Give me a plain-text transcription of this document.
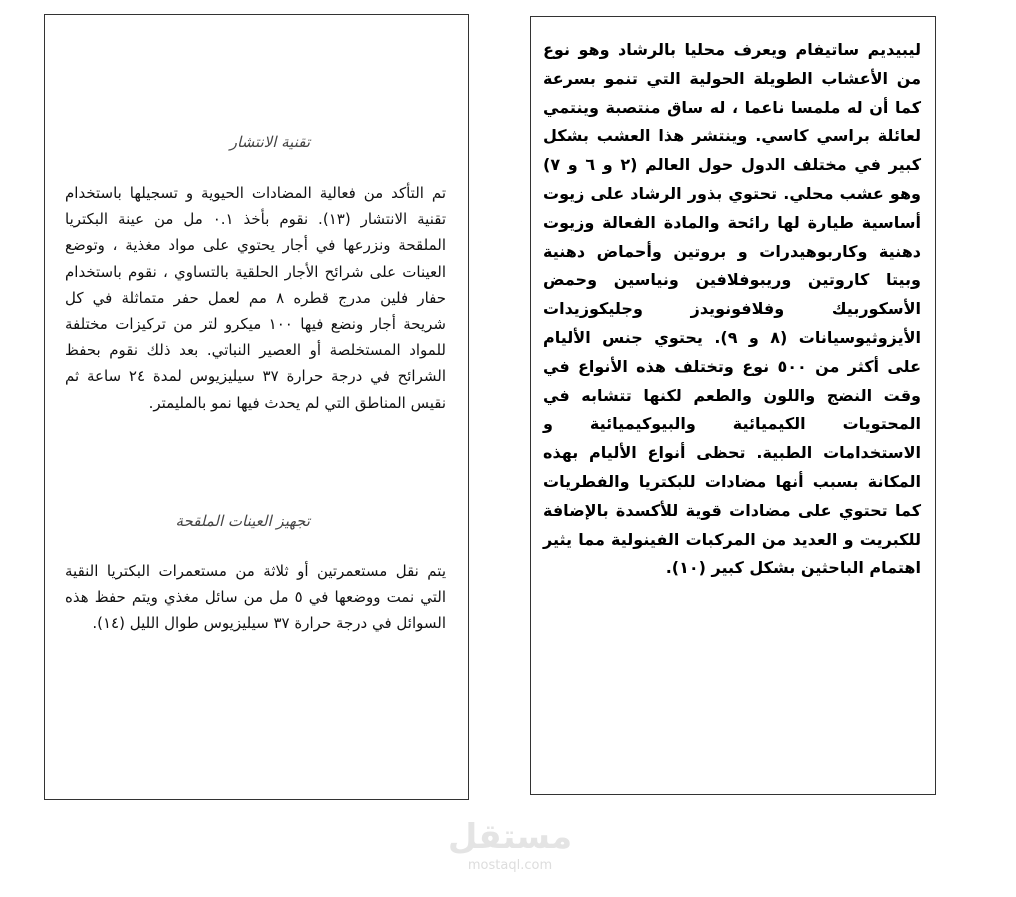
تقنية الانتشار

تم التأكد من فعالية المضادات الحيوية و تسجيلها باستخدام تقنية الانتشار (١٣). نقوم بأخذ ٠.١ مل من عينة البكتريا الملقحة ونزرعها في أجار يحتوي على مواد مغذية ، وتوضع العينات على شرائح الأجار الحلقية بالتساوي ، نقوم باستخدام حفار فلين مدرج قطره ٨ مم لعمل حفر متماثلة في كل شريحة أجار ونضع فيها ١٠٠ ميكرو لتر من تركيزات مختلفة للمواد المستخلصة أو العصير النباتي. بعد ذلك نقوم بحفظ الشرائح في درجة حرارة ٣٧ سيليزيوس لمدة ٢٤ ساعة ثم نقيس المناطق التي لم يحدث فيها نمو بالمليمتر.

تجهيز العينات الملقحة

يتم نقل مستعمرتين أو ثلاثة من مستعمرات البكتريا النقية التي نمت ووضعها في ٥ مل من سائل مغذي ويتم حفظ هذه السوائل في درجة حرارة ٣٧ سيليزيوس طوال الليل (١٤).

ليبيديم ساتيفام ويعرف محليا بالرشاد وهو نوع من الأعشاب الطويلة الحولية التي تنمو بسرعة كما أن له ملمسا ناعما ، له ساق منتصبة وينتمي لعائلة براسي كاسي. وينتشر هذا العشب بشكل كبير في مختلف الدول حول العالم (٢ و ٦ و ٧) وهو عشب محلي. تحتوي بذور الرشاد على زيوت أساسية طيارة لها رائحة والمادة الفعالة وزيوت دهنية وكاربوهيدرات و بروتين وأحماض دهنية وبيتا كاروتين وريبوفلافين ونياسين وحمض الأسكوربيك وفلافونويدز وجليكوزيدات الأيزوثيوسيانات (٨ و ٩). يحتوي جنس الأليام على أكثر من ٥٠٠ نوع وتختلف هذه الأنواع في وقت النضج واللون والطعم لكنها تتشابه في المحتويات الكيميائية والبيوكيميائية و الاستخدامات الطبية. تحظى أنواع الأليام بهذه المكانة بسبب أنها مضادات للبكتريا والفطريات كما تحتوي على مضادات قوية للأكسدة بالإضافة للكبريت و العديد من المركبات الفينولية مما يثير اهتمام الباحثين بشكل كبير (١٠).

مستقل
mostaql.com
